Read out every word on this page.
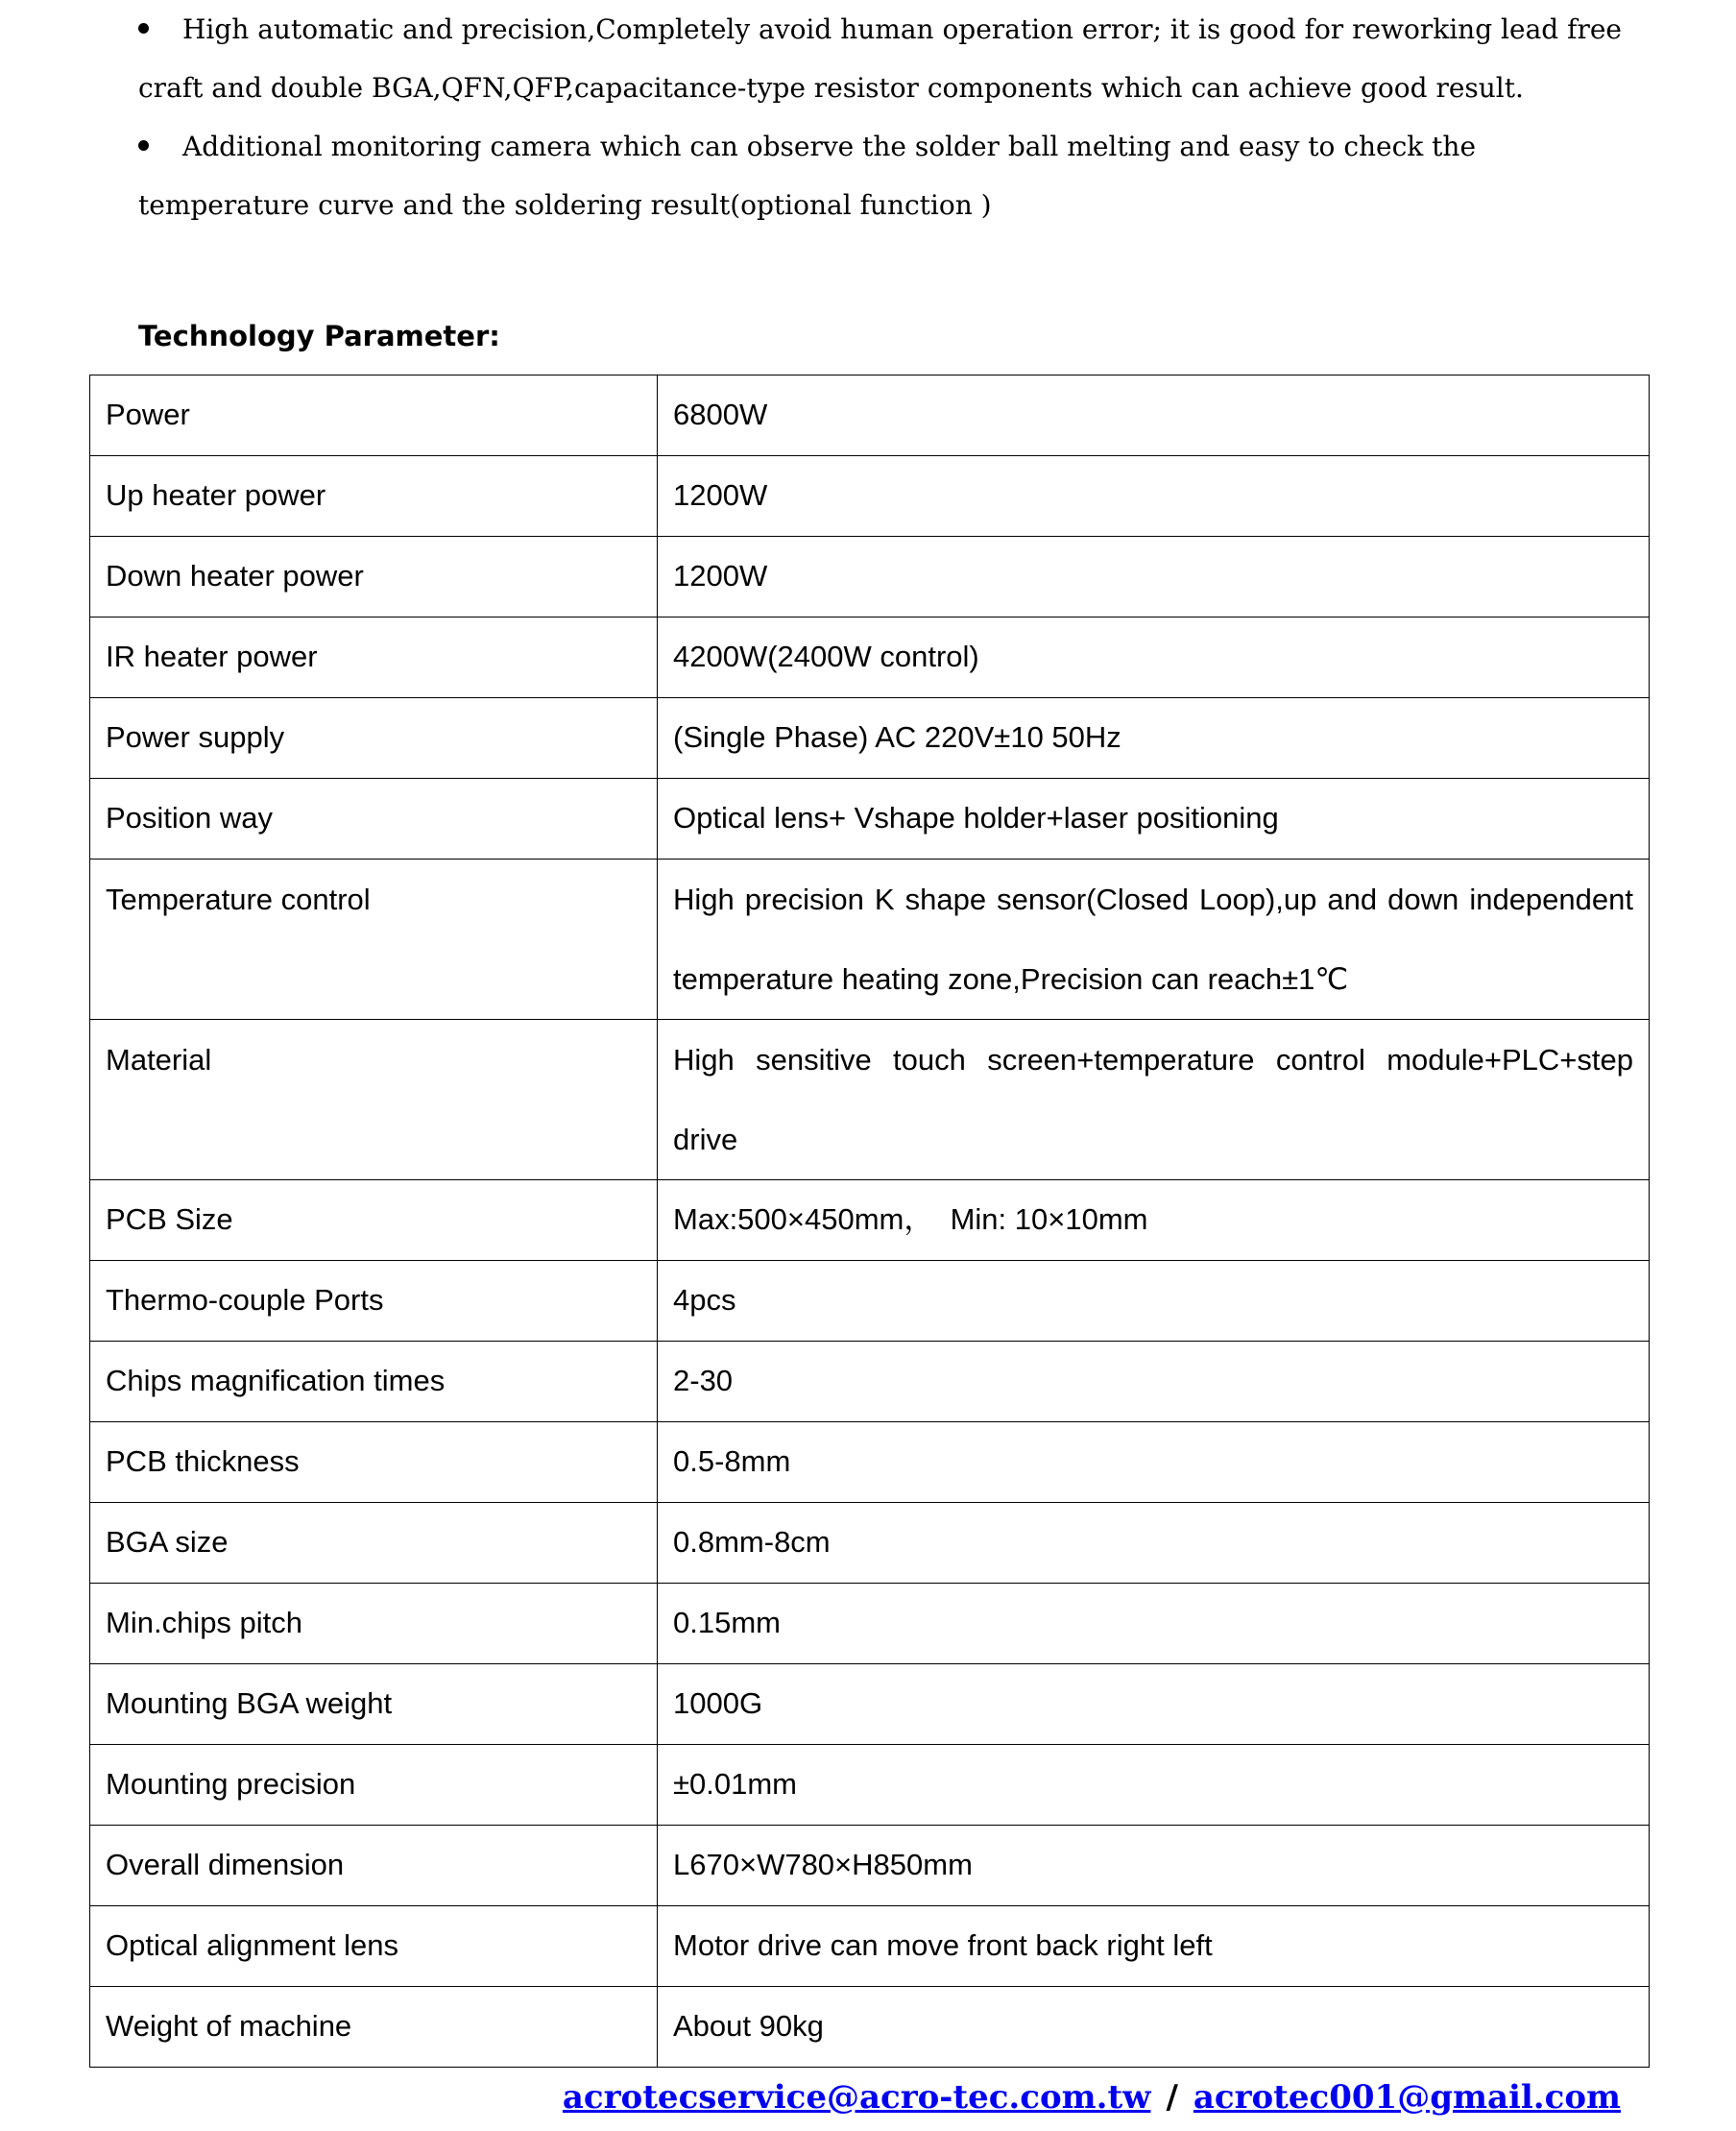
High automatic and precision,Completely avoid human operation error; it is good for reworking lead free craft and double BGA,QFN,QFP,capacitance-type resistor components which can achieve good result.

Additional monitoring camera which can observe the solder ball melting and easy to check the temperature curve and the soldering result(optional function )

Technology Parameter:
Power	6800W
Up heater power	1200W
Down heater power	1200W
IR heater power	4200W(2400W control)
Power supply	(Single Phase) AC 220V±10 50Hz
Position way	Optical lens+ Vshape holder+laser positioning
Temperature control	High precision K shape sensor(Closed Loop),up and down independent temperature heating zone,Precision can reach±1℃
Material	High sensitive touch screen+temperature control module+PLC+step drive
PCB Size	Max:500×450mm，  Min: 10×10mm
Thermo-couple Ports	4pcs
Chips magnification times	2-30
PCB thickness	0.5-8mm
BGA size	0.8mm-8cm
Min.chips pitch	0.15mm
Mounting BGA weight	1000G
Mounting precision	±0.01mm
Overall dimension	L670×W780×H850mm
Optical alignment lens	Motor drive can move front back right left
Weight of machine	About 90kg
acrotecservice@acro-tec.com.tw / acrotec001@gmail.com
